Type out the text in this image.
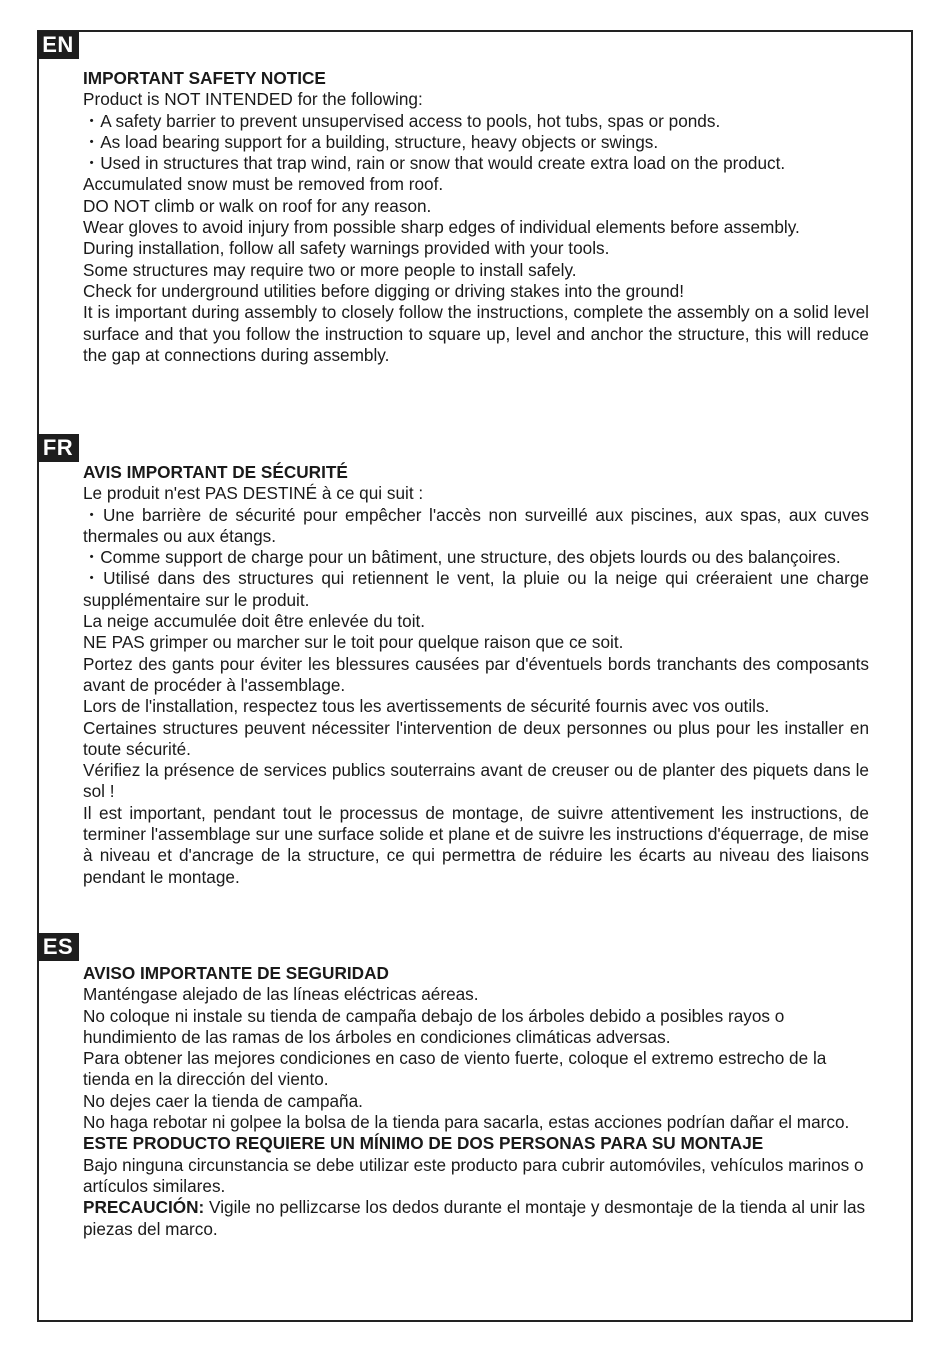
EN

IMPORTANT SAFETY NOTICE

Product is NOT INTENDED for the following:

・A safety barrier to prevent unsupervised access to pools, hot tubs, spas or ponds.

・As load bearing support for a building, structure, heavy objects or swings.

・Used in structures that trap wind, rain or snow that would create extra load on the product.

Accumulated snow must be removed from roof.

DO NOT climb or walk on roof for any reason.

Wear gloves to avoid injury from possible sharp edges of individual elements before assembly.

During installation, follow all safety warnings provided with your tools.

Some structures may require two or more people to install safely.

Check for underground utilities before digging or driving stakes into the ground!

It is important during assembly to closely follow the instructions, complete the assembly on a solid level surface and that you follow the instruction to square up, level and anchor the structure, this will reduce the gap at connections during assembly.

FR

AVIS IMPORTANT DE SÉCURITÉ

Le produit n'est PAS DESTINÉ à ce qui suit :

・Une barrière de sécurité pour empêcher l'accès non surveillé aux piscines, aux spas, aux cuves thermales ou aux étangs.

・Comme support de charge pour un bâtiment, une structure, des objets lourds ou des balançoires.

・Utilisé dans des structures qui retiennent le vent, la pluie ou la neige qui créeraient une charge supplémentaire sur le produit.

La neige accumulée doit être enlevée du toit.

NE PAS grimper ou marcher sur le toit pour quelque raison que ce soit.

Portez des gants pour éviter les blessures causées par d'éventuels bords tranchants des composants avant de procéder à l'assemblage.

Lors de l'installation, respectez tous les avertissements de sécurité fournis avec vos outils.

Certaines structures peuvent nécessiter l'intervention de deux personnes ou plus pour les installer en toute sécurité.

Vérifiez la présence de services publics souterrains avant de creuser ou de planter des piquets dans le sol !

Il est important, pendant tout le processus de montage, de suivre attentivement les instructions, de terminer l'assemblage sur une surface solide et plane et de suivre les instructions d'équerrage, de mise à niveau et d'ancrage de la structure, ce qui permettra de réduire les écarts au niveau des liaisons pendant le montage.

ES

AVISO IMPORTANTE DE SEGURIDAD

Manténgase alejado de las líneas eléctricas aéreas.

No coloque ni instale su tienda de campaña debajo de los árboles debido a posibles rayos o hundimiento de las ramas de los árboles en condiciones climáticas adversas.

Para obtener las mejores condiciones en caso de viento fuerte, coloque el extremo estrecho de la tienda en la dirección del viento.

No dejes caer la tienda de campaña.

No haga rebotar ni golpee la bolsa de la tienda para sacarla, estas acciones podrían dañar el marco.

ESTE PRODUCTO REQUIERE UN MÍNIMO DE DOS PERSONAS PARA SU MONTAJE

Bajo ninguna circunstancia se debe utilizar este producto para cubrir automóviles, vehículos marinos o artículos similares.

PRECAUCIÓN: Vigile no pellizcarse los dedos durante el montaje y desmontaje de la tienda al unir las piezas del marco.
